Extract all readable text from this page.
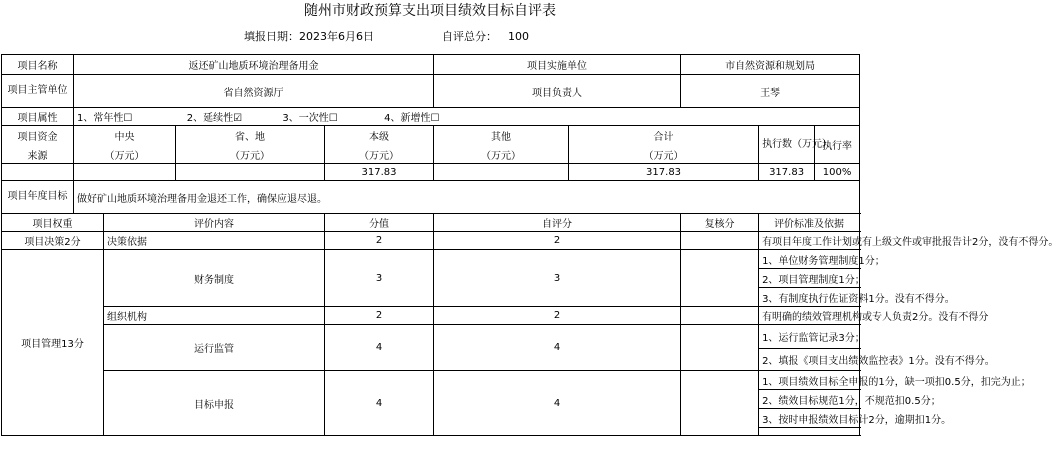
随州市财政预算支出项目绩效目标自评表
填报日期：2023年6月6日	自评总分： 100
项目名称	返还矿山地质环境治理备用金				项目实施单位		市自然资源和规划局		
项目主管单位	省自然资源厅				项目负责人		王琴		
项目属性	1、常年性☐ 2、延续性☑ 3、一次性☐ 4、新增性☐								
项目资金	中央		省、地	本级	其他	合计		执行数（万元）	执行率
来源	（万元）		（万元）	（万元）	（万元）	（万元）			
				317.83		317.83		317.83	100%
项目年度目标	做好矿山地质环境治理备用金退还工作，确保应退尽退。								
项目权重		评价内容		分值	自评分		复核分	评价标准及依据	
项目决策2分		决策依据		2	2			有项目年度工作计划或有上级文件或审批报告计2分，没有不得分。	
项目管理13分		财务制度		3	3			1、单位财务管理制度1分；	
								2、项目管理制度1分；	
								3、有制度执行佐证资料1分。没有不得分。	
		组织机构		2	2			有明确的绩效管理机构或专人负责2分。没有不得分	
		运行监管		4	4			1、运行监管记录3分；	
								2、填报《项目支出绩效监控表》1分。没有不得分。	
		目标申报		4	4			1、项目绩效目标全申报的1分，缺一项扣0.5分，扣完为止；	
								2、绩效目标规范1分，不规范扣0.5分；	
								3、按时申报绩效目标计2分，逾期扣1分。	
